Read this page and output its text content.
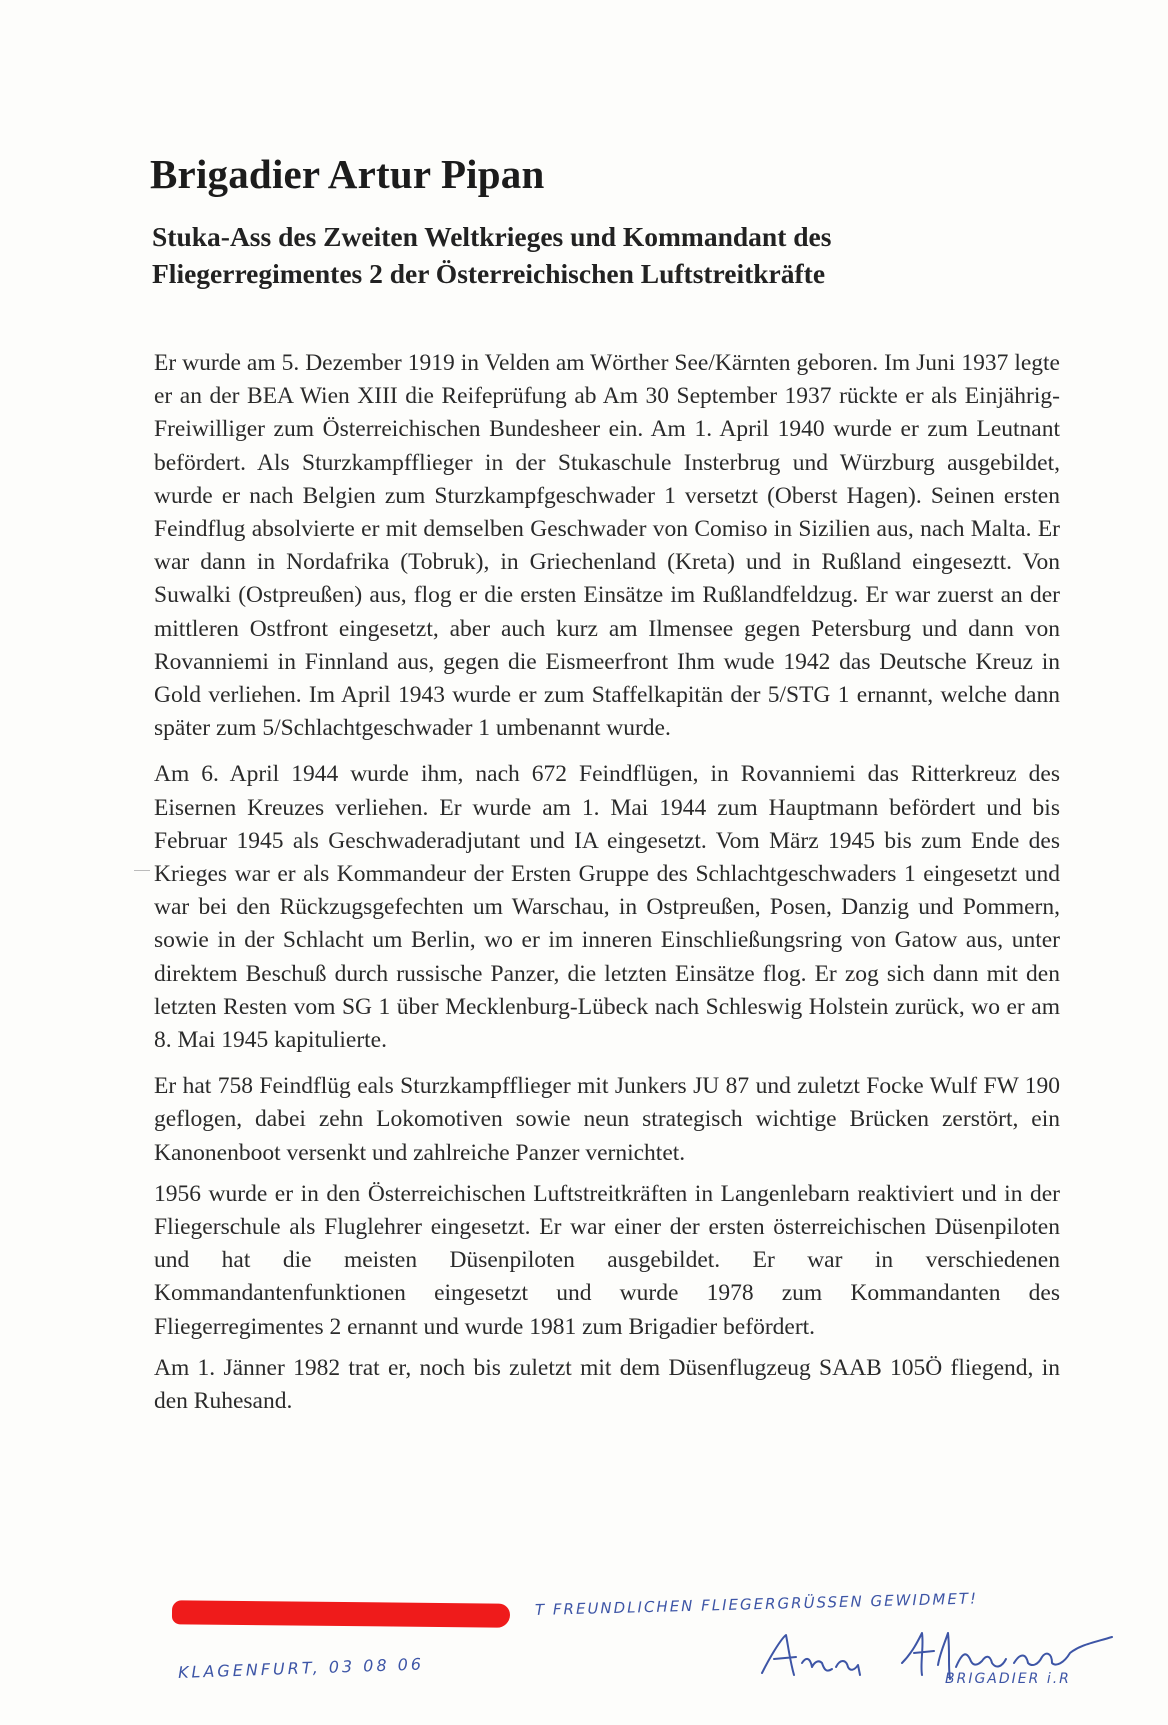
Brigadier Artur Pipan
Stuka-Ass des Zweiten Weltkrieges und Kommandant des
Fliegerregimentes 2 der Österreichischen Luftstreitkräfte

Er wurde am 5. Dezember 1919 in Velden am Wörther See/Kärnten geboren. Im Juni 1937 legte er an der BEA Wien XIII die Reifeprüfung ab Am 30 September 1937 rückte er als Einjährig-Freiwilliger zum Österreichischen Bundesheer ein. Am 1. April 1940 wurde er zum Leutnant befördert. Als Sturzkampfflieger in der Stukaschule Insterbrug und Würzburg ausgebildet, wurde er nach Belgien zum Sturzkampfgeschwader 1 versetzt (Oberst Hagen). Seinen ersten Feindflug absolvierte er mit demselben Geschwader von Comiso in Sizilien aus, nach Malta. Er war dann in Nordafrika (Tobruk), in Griechenland (Kreta) und in Rußland eingeseztt. Von Suwalki (Ostpreußen) aus, flog er die ersten Einsätze im Rußlandfeldzug. Er war zuerst an der mittleren Ostfront eingesetzt, aber auch kurz am Ilmensee gegen Petersburg und dann von Rovanniemi in Finnland aus, gegen die Eismeerfront Ihm wude 1942 das Deutsche Kreuz in Gold verliehen. Im April 1943 wurde er zum Staffelkapitän der 5/STG 1 ernannt, welche dann später zum 5/Schlachtgeschwader 1 umbenannt wurde.

Am 6. April 1944 wurde ihm, nach 672 Feindflügen, in Rovanniemi das Ritterkreuz des Eisernen Kreuzes verliehen. Er wurde am 1. Mai 1944 zum Hauptmann befördert und bis Februar 1945 als Geschwaderadjutant und IA eingesetzt. Vom März 1945 bis zum Ende des Krieges war er als Kommandeur der Ersten Gruppe des Schlachtgeschwaders 1 eingesetzt und war bei den Rückzugsgefechten um Warschau, in Ostpreußen, Posen, Danzig und Pommern, sowie in der Schlacht um Berlin, wo er im inneren Einschließungsring von Gatow aus, unter direktem Beschuß durch russische Panzer, die letzten Einsätze flog. Er zog sich dann mit den letzten Resten vom SG 1 über Mecklenburg-Lübeck nach Schleswig Holstein zurück, wo er am 8. Mai 1945 kapitulierte.

Er hat 758 Feindflüg eals Sturzkampfflieger mit Junkers JU 87 und zuletzt Focke Wulf FW 190 geflogen, dabei zehn Lokomotiven sowie neun strategisch wichtige Brücken zerstört, ein Kanonenboot versenkt und zahlreiche Panzer vernichtet.

1956 wurde er in den Österreichischen Luftstreitkräften in Langenlebarn reaktiviert und in der Fliegerschule als Fluglehrer eingesetzt. Er war einer der ersten österreichischen Düsenpiloten und hat die meisten Düsenpiloten ausgebildet. Er war in verschiedenen Kommandantenfunktionen eingesetzt und wurde 1978 zum Kommandanten des Fliegerregimentes 2 ernannt und wurde 1981 zum Brigadier befördert.

Am 1. Jänner 1982 trat er, noch bis zuletzt mit dem Düsenflugzeug SAAB 105Ö fliegend, in den Ruhesand.

T FREUNDLICHEN FLIEGERGRÜSSEN GEWIDMET!
KLAGENFURT, 03 08 06	BRIGADIER i.R
